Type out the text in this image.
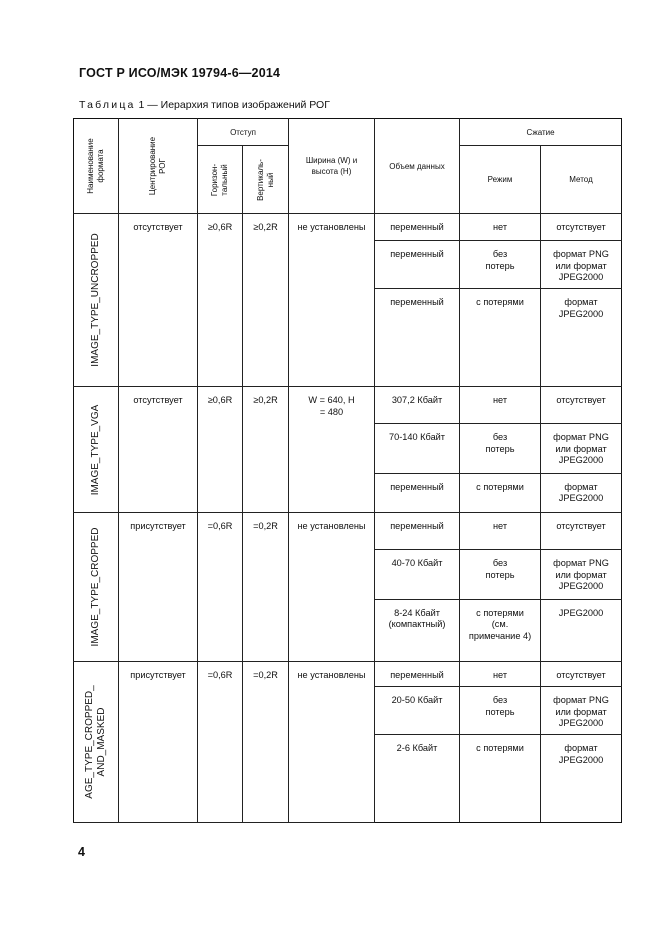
ГОСТ Р ИСО/МЭК 19794-6—2014
Таблица 1 — Иерархия типов изображений РОГ
Наименование формата	Центрирование РОГ	Отступ		Ширина (W) и высота (H)	Объем данных	Сжатие	

		Горизон- тальный	Вертикаль- ный			Режим	Метод

IMAGE_TYPE_UNCROPPED	отсутствует	≥0,6R	≥0,2R	не установлены	переменный	нет	отсутствует
					переменный	без потерь	формат PNG или формат JPEG2000
					переменный	с потерями	формат JPEG2000

IMAGE_TYPE_VGA	отсутствует	≥0,6R	≥0,2R	W = 640, H = 480	307,2 Кбайт	нет	отсутствует
					70-140 Кбайт	без потерь	формат PNG или формат JPEG2000
					переменный	с потерями	формат JPEG2000

IMAGE_TYPE_CROPPED	присутствует	=0,6R	=0,2R	не установлены	переменный	нет	отсутствует
					40-70 Кбайт	без потерь	формат PNG или формат JPEG2000
					8-24 Кбайт (компактный)	с потерями (см. примечание 4)	JPEG2000

AGE_TYPE_CROPPED_
AND_MASKED	присутствует	=0,6R	=0,2R	не установлены	переменный	нет	отсутствует
					20-50 Кбайт	без потерь	формат PNG или формат JPEG2000
					2-6 Кбайт	с потерями	формат JPEG2000
4
